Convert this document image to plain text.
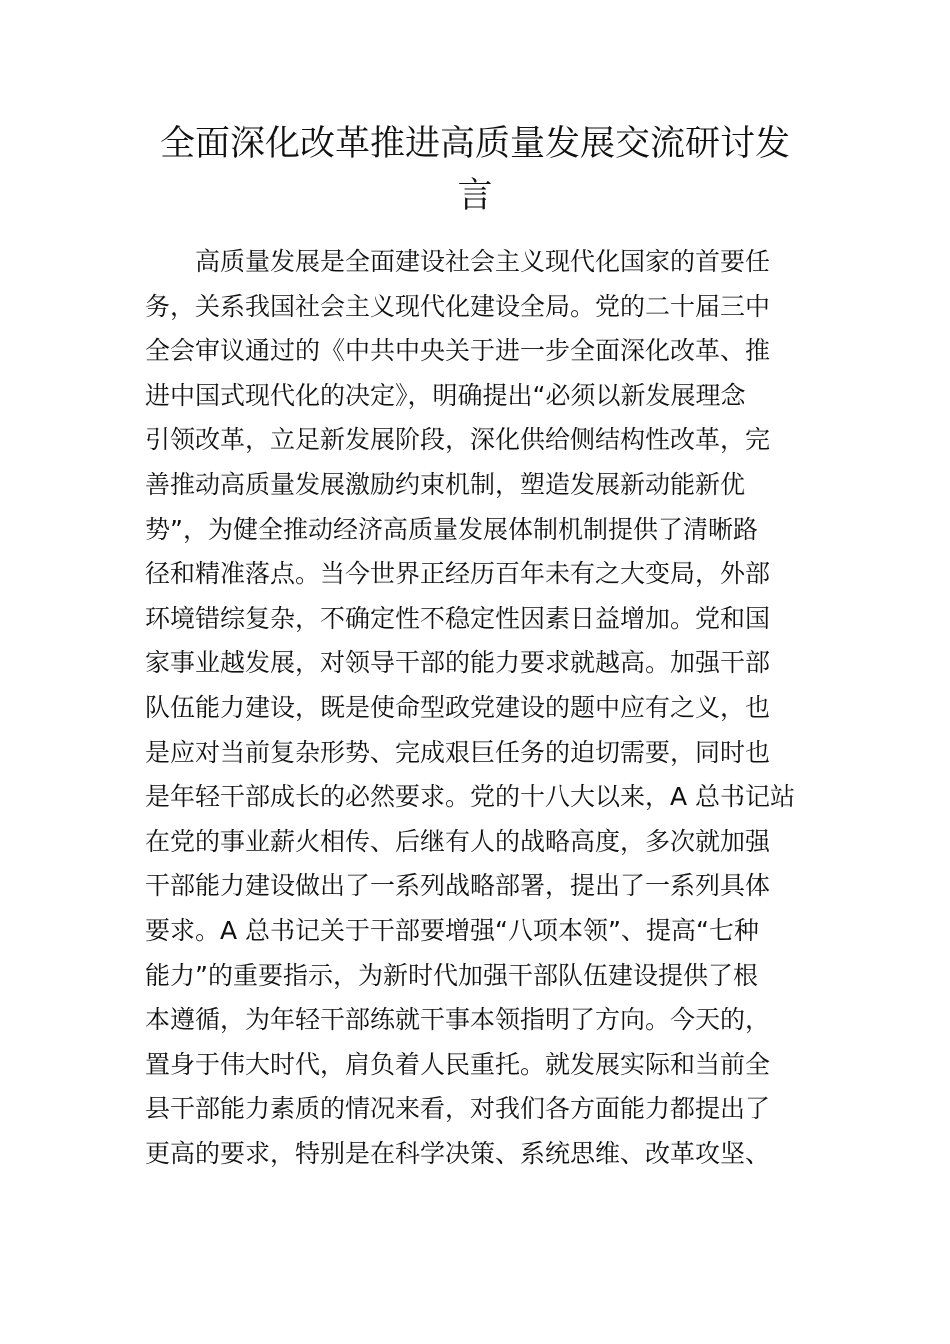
全面深化改革推进高质量发展交流研讨发
言
高质量发展是全面建设社会主义现代化国家的首要任
务，关系我国社会主义现代化建设全局。党的二十届三中
全会审议通过的《中共中央关于进一步全面深化改革、推
进中国式现代化的决定》，明确提出“必须以新发展理念
引领改革，立足新发展阶段，深化供给侧结构性改革，完
善推动高质量发展激励约束机制，塑造发展新动能新优
势”，为健全推动经济高质量发展体制机制提供了清晰路
径和精准落点。当今世界正经历百年未有之大变局，外部
环境错综复杂，不确定性不稳定性因素日益增加。党和国
家事业越发展，对领导干部的能力要求就越高。加强干部
队伍能力建设，既是使命型政党建设的题中应有之义，也
是应对当前复杂形势、完成艰巨任务的迫切需要，同时也
是年轻干部成长的必然要求。党的十八大以来，A 总书记站
在党的事业薪火相传、后继有人的战略高度，多次就加强
干部能力建设做出了一系列战略部署，提出了一系列具体
要求。A 总书记关于干部要增强“八项本领”、提高“七种
能力”的重要指示，为新时代加强干部队伍建设提供了根
本遵循，为年轻干部练就干事本领指明了方向。今天的，
置身于伟大时代，肩负着人民重托。就发展实际和当前全
县干部能力素质的情况来看，对我们各方面能力都提出了
更高的要求，特别是在科学决策、系统思维、改革攻坚、
